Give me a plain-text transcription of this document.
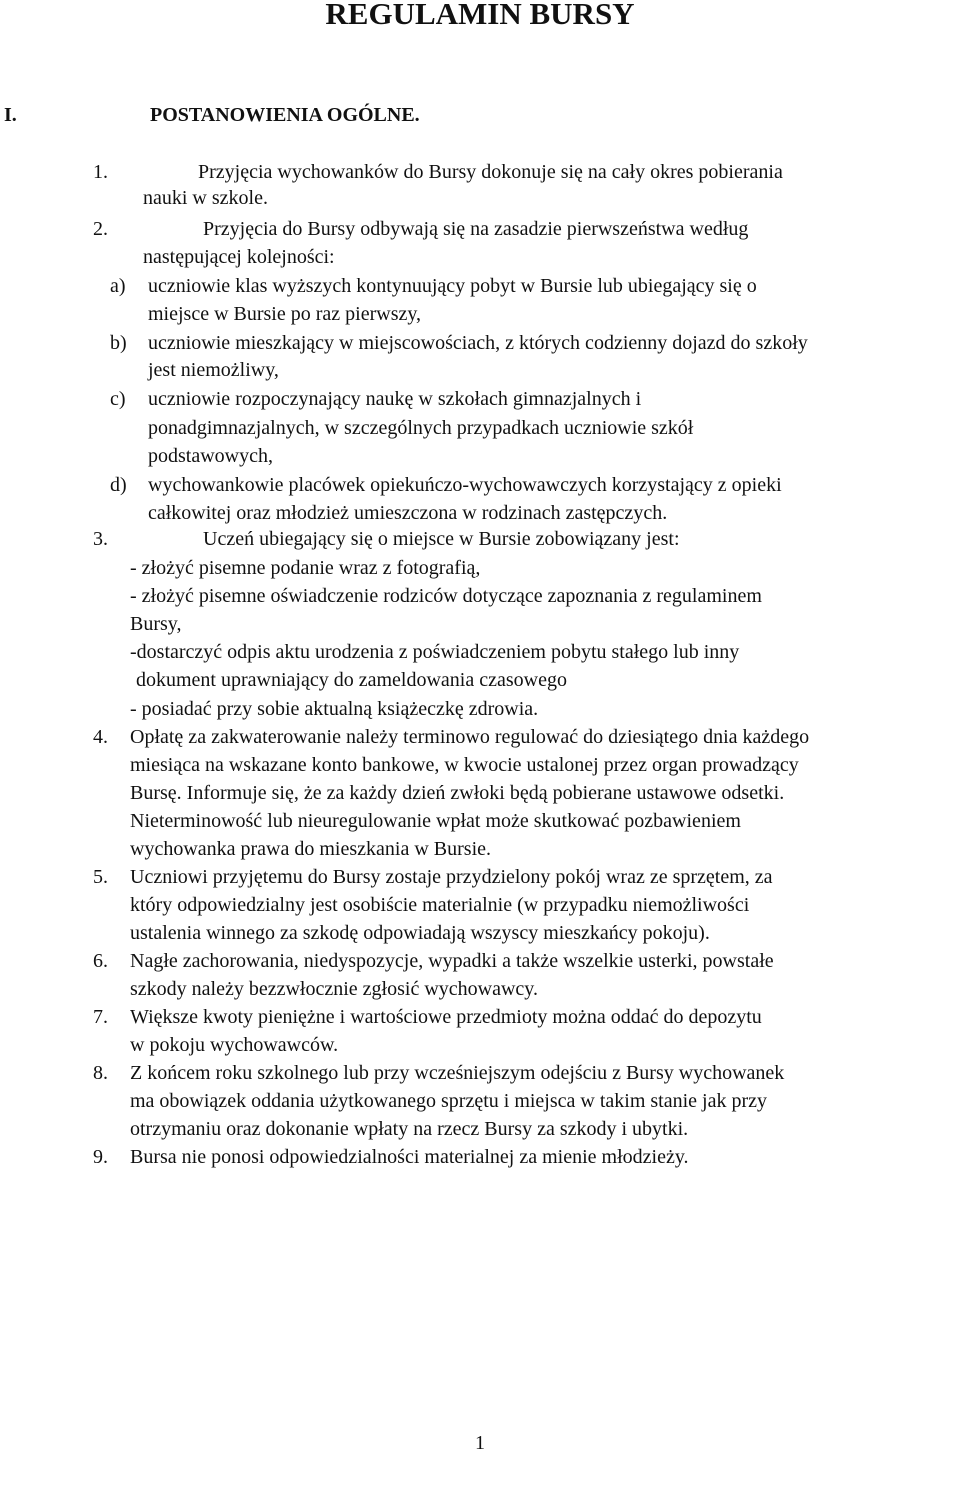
REGULAMIN BURSY
I.	POSTANOWIENIA OGÓLNE.
1.	Przyjęcia wychowanków do Bursy dokonuje się na cały okres pobierania
nauki w szkole.
2.	Przyjęcia do Bursy odbywają się na zasadzie pierwszeństwa według
następującej kolejności:
a) uczniowie klas wyższych kontynuujący pobyt w Bursie lub ubiegający się o
miejsce w Bursie po raz pierwszy,
b) uczniowie mieszkający w miejscowościach, z których codzienny dojazd do szkoły
jest niemożliwy,
c) uczniowie rozpoczynający naukę w szkołach gimnazjalnych i
ponadgimnazjalnych, w szczególnych przypadkach uczniowie szkół
podstawowych,
d) wychowankowie placówek opiekuńczo-wychowawczych korzystający z opieki
całkowitej oraz młodzież umieszczona w rodzinach zastępczych.
3.	Uczeń ubiegający się o miejsce w Bursie zobowiązany jest:
- złożyć pisemne podanie wraz z fotografią,
- złożyć pisemne oświadczenie rodziców dotyczące zapoznania z regulaminem
Bursy,
-dostarczyć odpis aktu urodzenia z poświadczeniem pobytu stałego lub inny
dokument uprawniający do zameldowania czasowego
- posiadać przy sobie aktualną książeczkę zdrowia.
4. Opłatę za zakwaterowanie należy terminowo regulować do dziesiątego dnia każdego
miesiąca na wskazane konto bankowe, w kwocie ustalonej przez organ prowadzący
Bursę. Informuje się, że za każdy dzień zwłoki będą pobierane ustawowe odsetki.
Nieterminowość lub nieuregulowanie wpłat może skutkować pozbawieniem
wychowanka prawa do mieszkania w Bursie.
5. Uczniowi przyjętemu do Bursy zostaje przydzielony pokój wraz ze sprzętem, za
który odpowiedzialny jest osobiście materialnie (w przypadku niemożliwości
ustalenia winnego za szkodę odpowiadają wszyscy mieszkańcy pokoju).
6. Nagłe zachorowania, niedyspozycje, wypadki a także wszelkie usterki, powstałe
szkody należy bezzwłocznie zgłosić wychowawcy.
7. Większe kwoty pieniężne i wartościowe przedmioty można oddać do depozytu
w pokoju wychowawców.
8. Z końcem roku szkolnego lub przy wcześniejszym odejściu z Bursy wychowanek
ma obowiązek oddania użytkowanego sprzętu i miejsca w takim stanie jak przy
otrzymaniu oraz dokonanie wpłaty na rzecz Bursy za szkody i ubytki.
9. Bursa nie ponosi odpowiedzialności materialnej za mienie młodzieży.
1
